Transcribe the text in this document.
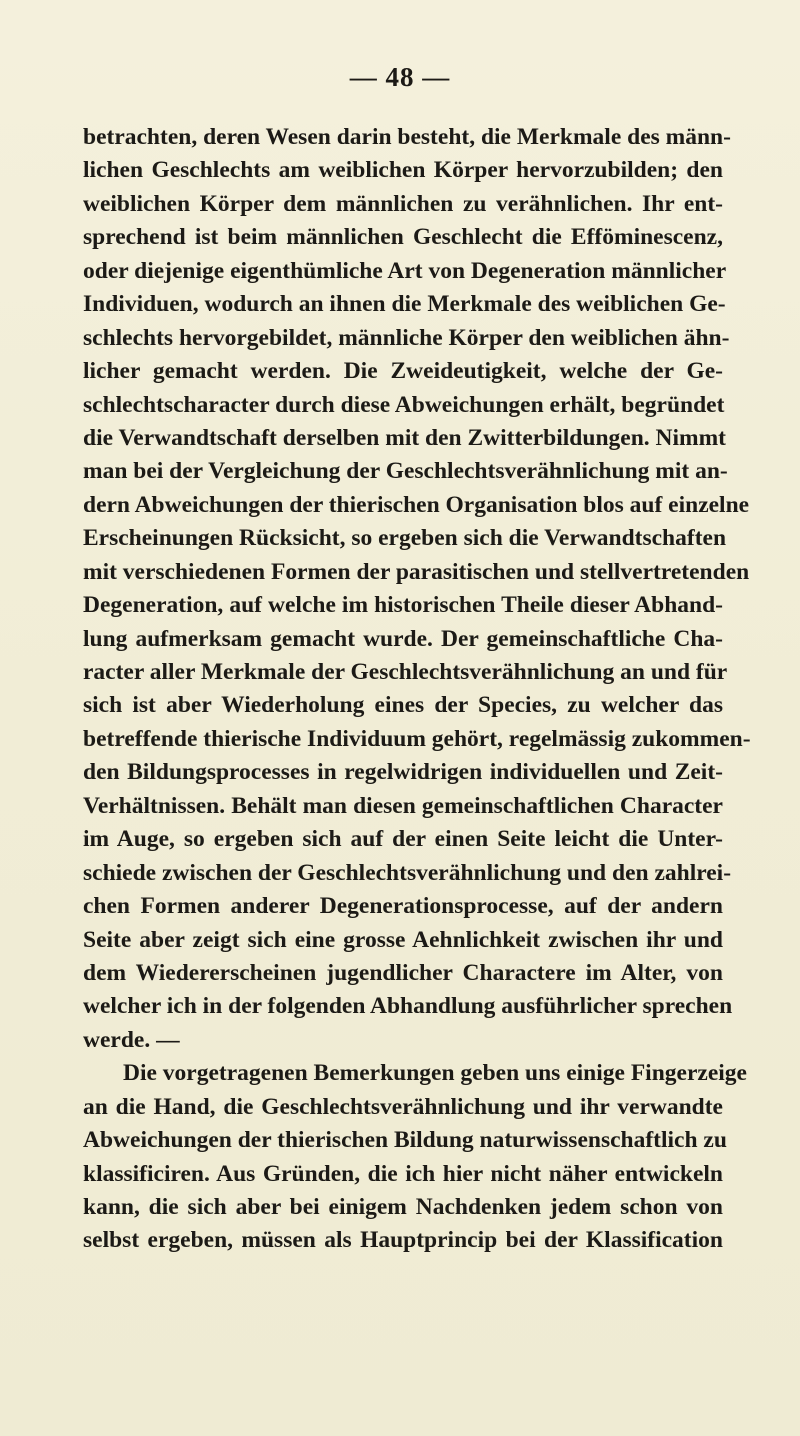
— 48 —
betrachten, deren Wesen darin besteht, die Merkmale des männ-
lichen Geschlechts am weiblichen Körper hervorzubilden; den
weiblichen Körper dem männlichen zu verähnlichen. Ihr ent-
sprechend ist beim männlichen Geschlecht die Efföminescenz,
oder diejenige eigenthümliche Art von Degeneration männlicher
Individuen, wodurch an ihnen die Merkmale des weiblichen Ge-
schlechts hervorgebildet, männliche Körper den weiblichen ähn-
licher gemacht werden. Die Zweideutigkeit, welche der Ge-
schlechtscharacter durch diese Abweichungen erhält, begründet
die Verwandtschaft derselben mit den Zwitterbildungen. Nimmt
man bei der Vergleichung der Geschlechtsverähnlichung mit an-
dern Abweichungen der thierischen Organisation blos auf einzelne
Erscheinungen Rücksicht, so ergeben sich die Verwandtschaften
mit verschiedenen Formen der parasitischen und stellvertretenden
Degeneration, auf welche im historischen Theile dieser Abhand-
lung aufmerksam gemacht wurde. Der gemeinschaftliche Cha-
racter aller Merkmale der Geschlechtsverähnlichung an und für
sich ist aber Wiederholung eines der Species, zu welcher das
betreffende thierische Individuum gehört, regelmässig zukommen-
den Bildungsprocesses in regelwidrigen individuellen und Zeit-
Verhältnissen. Behält man diesen gemeinschaftlichen Character
im Auge, so ergeben sich auf der einen Seite leicht die Unter-
schiede zwischen der Geschlechtsverähnlichung und den zahlrei-
chen Formen anderer Degenerationsprocesse, auf der andern
Seite aber zeigt sich eine grosse Aehnlichkeit zwischen ihr und
dem Wiedererscheinen jugendlicher Charactere im Alter, von
welcher ich in der folgenden Abhandlung ausführlicher sprechen
werde. —
Die vorgetragenen Bemerkungen geben uns einige Fingerzeige
an die Hand, die Geschlechtsverähnlichung und ihr verwandte
Abweichungen der thierischen Bildung naturwissenschaftlich zu
klassificiren. Aus Gründen, die ich hier nicht näher entwickeln
kann, die sich aber bei einigem Nachdenken jedem schon von
selbst ergeben, müssen als Hauptprincip bei der Klassification
